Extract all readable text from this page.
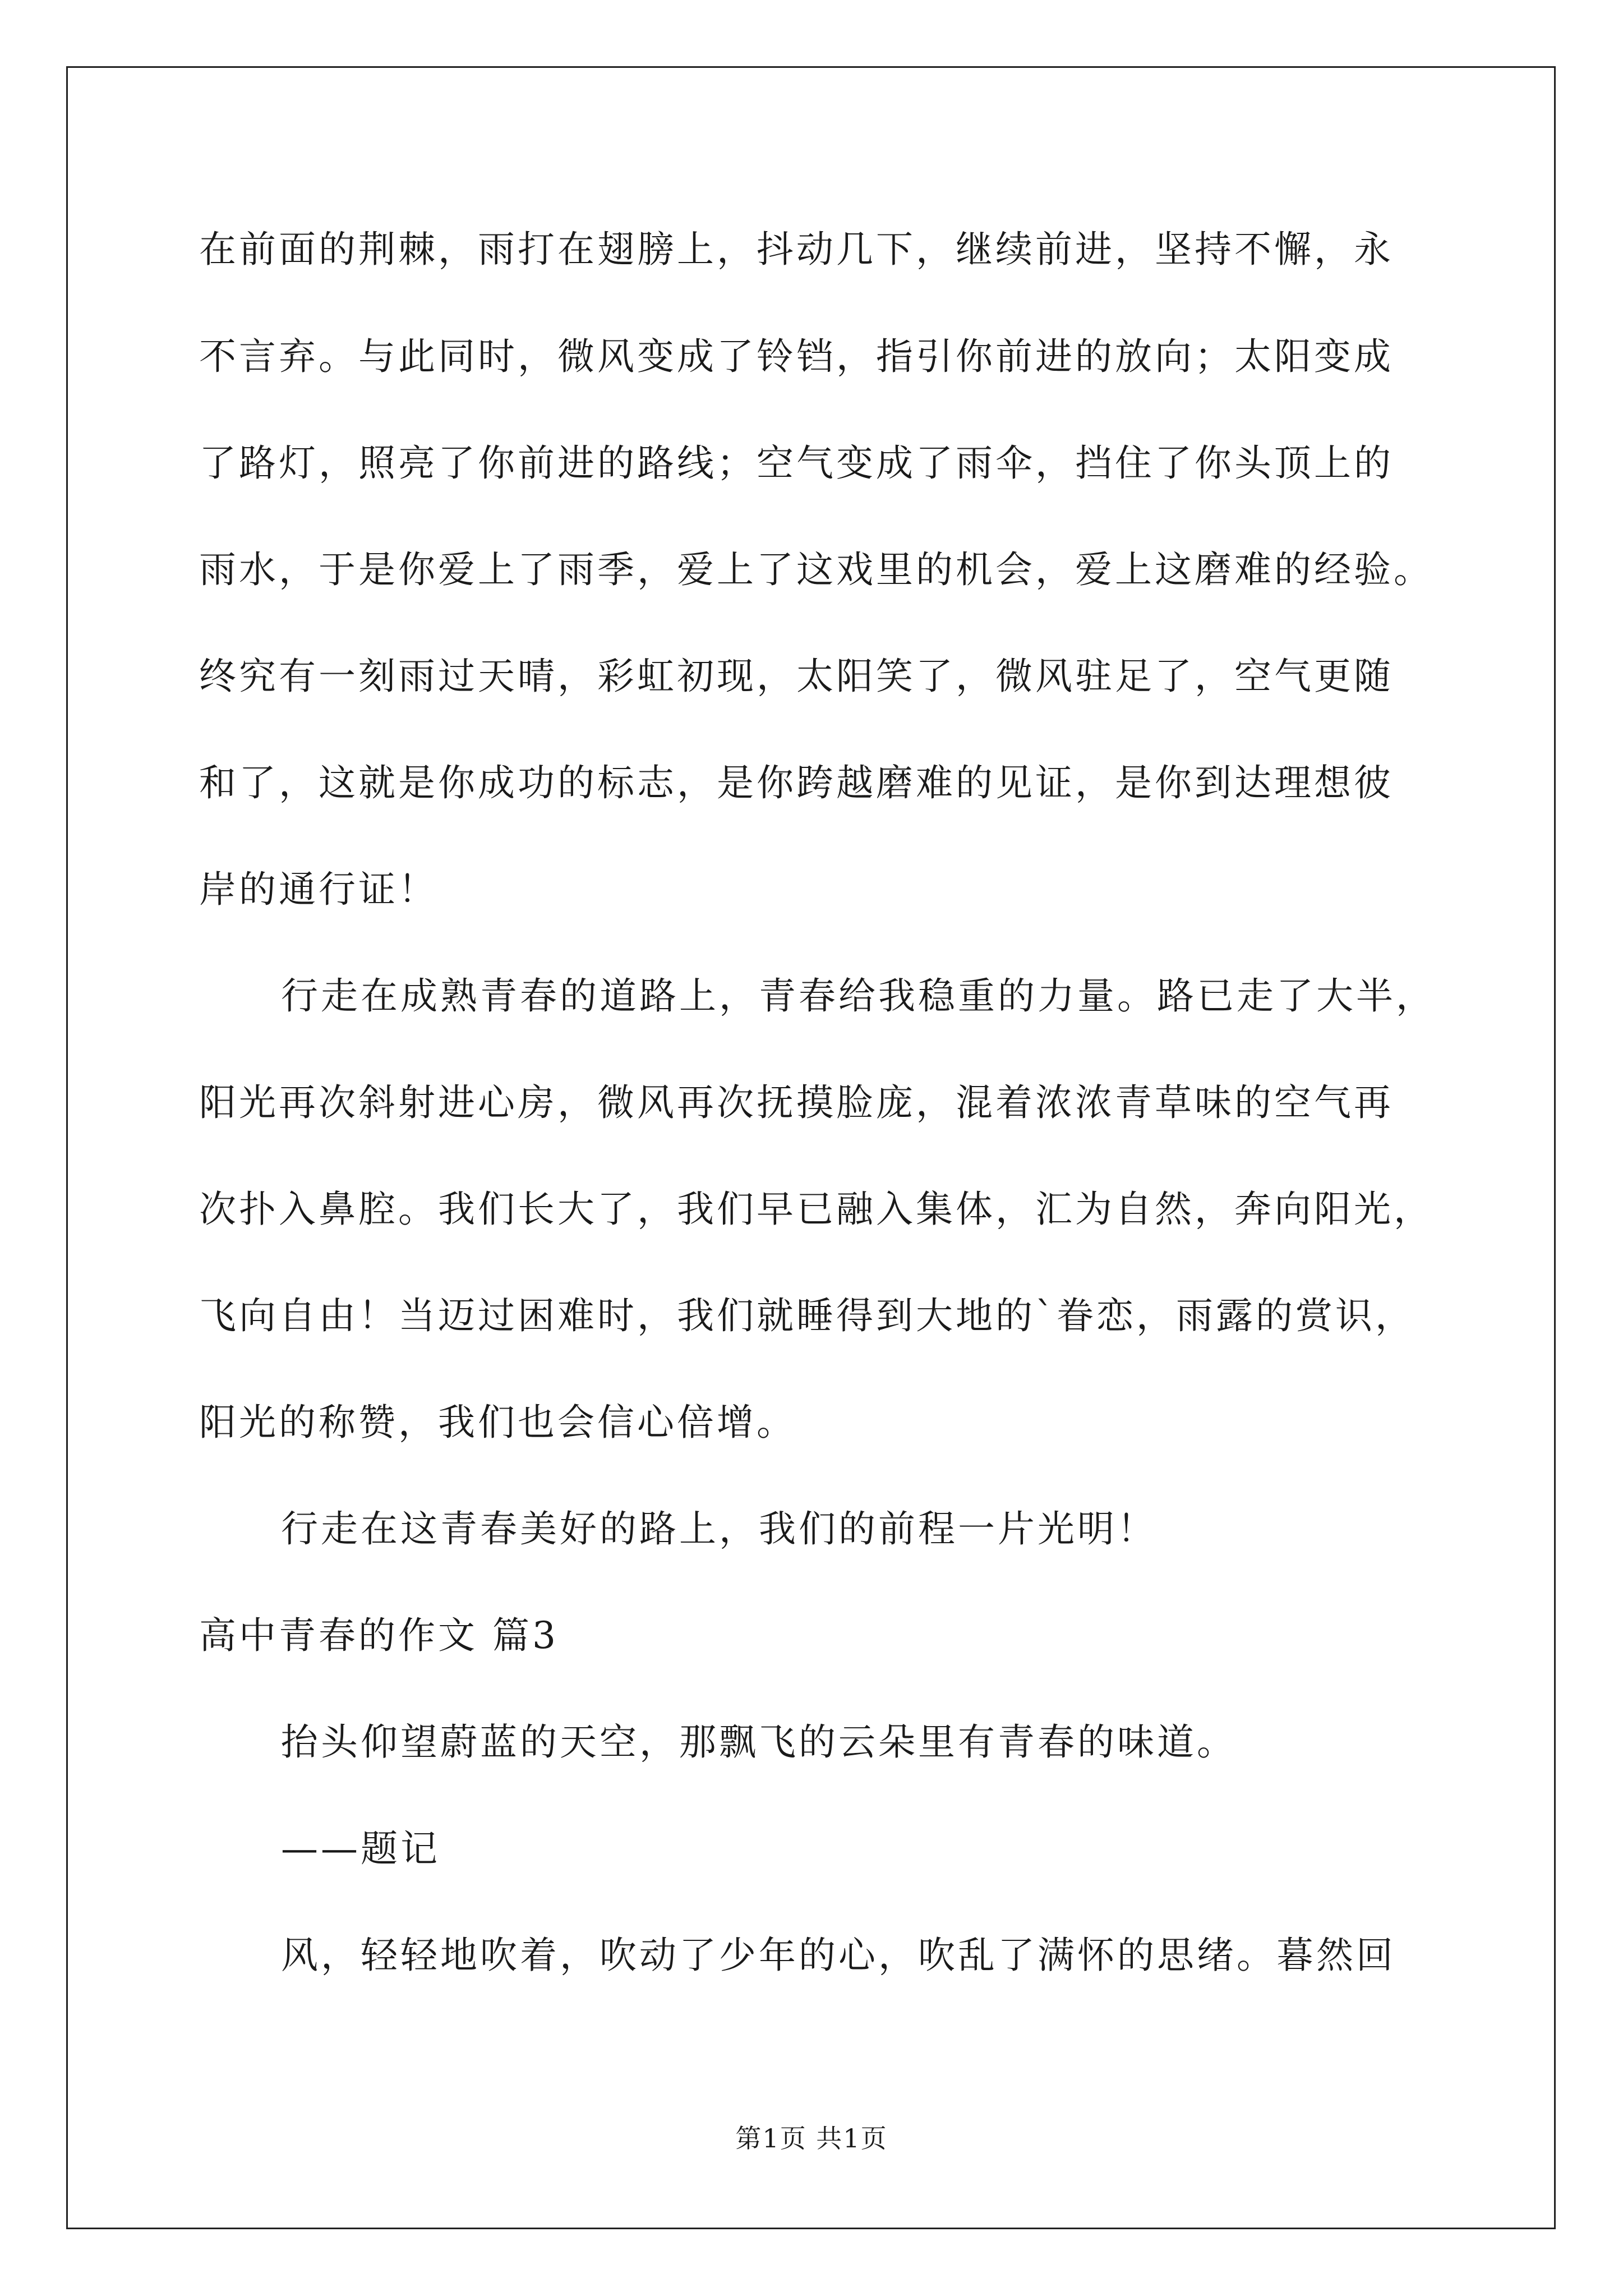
在前面的荆棘，雨打在翅膀上，抖动几下，继续前进，坚持不懈，永
不言弃。与此同时，微风变成了铃铛，指引你前进的放向；太阳变成
了路灯，照亮了你前进的路线；空气变成了雨伞，挡住了你头顶上的
雨水，于是你爱上了雨季，爱上了这戏里的机会，爱上这磨难的经验。
终究有一刻雨过天晴，彩虹初现，太阳笑了，微风驻足了，空气更随
和了，这就是你成功的标志，是你跨越磨难的见证，是你到达理想彼
岸的通行证！
行走在成熟青春的道路上，青春给我稳重的力量。路已走了大半，
阳光再次斜射进心房，微风再次抚摸脸庞，混着浓浓青草味的空气再
次扑入鼻腔。我们长大了，我们早已融入集体，汇为自然，奔向阳光，
飞向自由！当迈过困难时，我们就睡得到大地的`眷恋，雨露的赏识，
阳光的称赞，我们也会信心倍增。
行走在这青春美好的路上，我们的前程一片光明！
高中青春的作文 篇3
抬头仰望蔚蓝的天空，那飘飞的云朵里有青春的味道。
——题记
风，轻轻地吹着，吹动了少年的心，吹乱了满怀的思绪。暮然回
第1页 共1页
